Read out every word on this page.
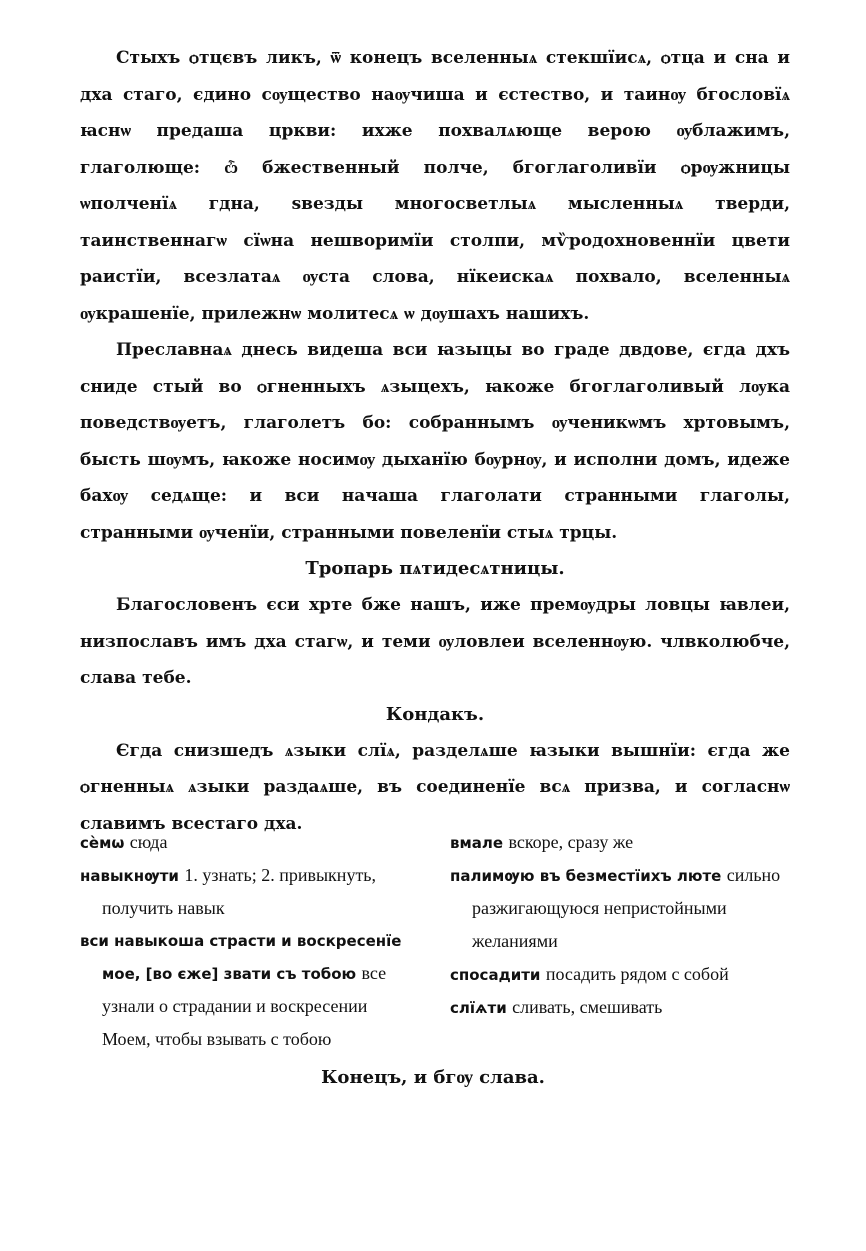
Стыхъ ѻтцєвъ ликъ, ѿ конецъ вселенныѧ стекшїисѧ, ѻтца и сна и дха стаго, єдино сѹщество наѹчиша и єстество, и таинѹ бгословїѧ ꙗснѡ предаша цркви: ихже похвалѧюще верою ѹблажимъ, глаголюще: ѽ бжественный полче, бгоглаголивїи ѻрѹжницы ѡполченїѧ гдна, ѕвезды многосветлыѧ мысленныѧ тверди, таинственнагѡ сїѡна нешворимїи столпи, мѷродохновеннїи цвети раистїи, всезлатаѧ ѹста слова, нїкеискаѧ похвало, вселенныѧ ѹкрашенїе, прилежнѡ молитесѧ ѡ дѹшахъ нашихъ.

Преславнаѧ днесь видеша вси ꙗзыцы во граде двдове, єгда дхъ сниде стый во ѻгненныхъ ѧзыцехъ, ꙗкоже бгоглаголивый лѹка поведствѹетъ, глаголетъ бо: собраннымъ ѹченикѡмъ хртовымъ, бысть шѹмъ, ꙗкоже носимѹ дыханїю бѹрнѹ, и исполни домъ, идеже бахѹ седѧще: и вси начаша глаголати странными глаголы, странными ѹченїи, странными повеленїи стыѧ трцы.

Тропарь пѧтидесѧтницы.

Благословенъ єси хрте бже нашъ, иже премѹдры ловцы ꙗвлеи, низпославъ имъ дха стагѡ, и теми ѹловлеи вселеннѹю. члвколюбче, слава тебе.

Кондакъ.

Єгда снизшедъ ѧзыки слїѧ, разделѧше ꙗзыки вышнїи: єгда же ѻгненныѧ ѧзыки раздаѧше, въ соединенїе всѧ призва, и согласнѡ славимъ всестаго дха.

сѐмѡ сюда
навыкнѹти 1. узнать; 2. привыкнуть, получить навык
вси навыкоша страсти и воскресенїе мое, [во єже] звати съ тобою все узнали о страдании и воскресении Моем, чтобы взывать с тобою
вмале вскоре, сразу же
палимѹю въ безместїихъ люте сильно разжигающуюся непристойными желаниями
спосадити посадить рядом с собой
слїѧти сливать, смешивать
Конецъ, и бгѹ слава.
